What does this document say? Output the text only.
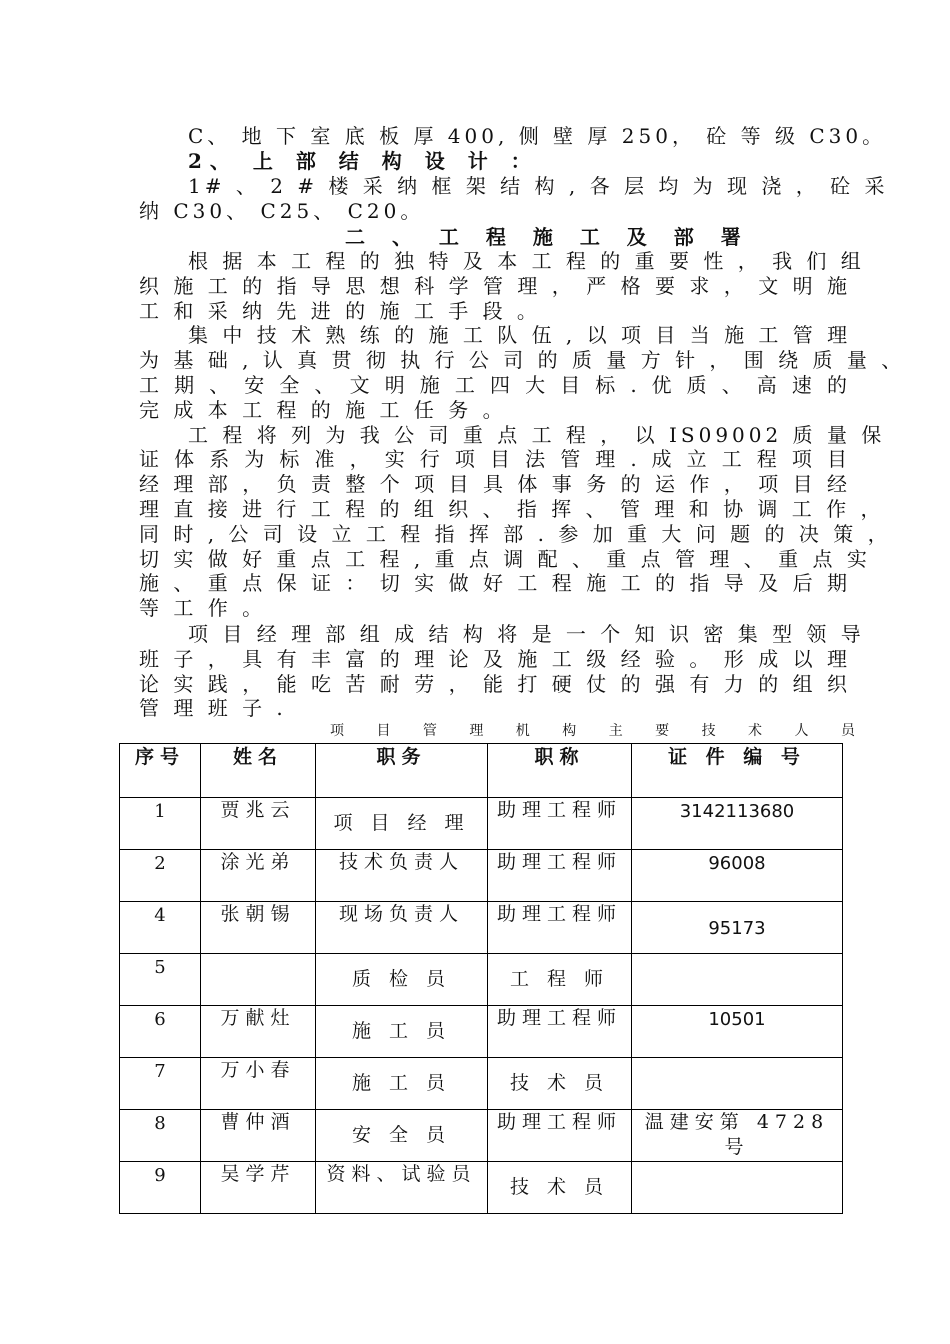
C、 地 下 室 底 板 厚 400, 侧 壁 厚 250， 砼 等 级 C30。

2、 上 部 结 构 设 计 ：

1# 、 2 # 楼 采 纳 框 架 结 构 , 各 层 均 为 现 浇 ， 砼 采

纳 C30、 C25、 C20。

二 、 工 程 施 工 及 部 署

根 据 本 工 程 的 独 特 及 本 工 程 的 重 要 性 ， 我 们 组

织 施 工 的 指 导 思 想 科 学 管 理 ， 严 格 要 求 ， 文 明 施

工 和 采 纳 先 进 的 施 工 手 段 。

集 中 技 术 熟 练 的 施 工 队 伍 , 以 项 目 当 施 工 管 理

为 基 础 , 认 真 贯 彻 执 行 公 司 的 质 量 方 针 ， 围 绕 质 量 、

工 期 、 安 全 、 文 明 施 工 四 大 目 标 . 优 质 、 高 速 的

完 成 本 工 程 的 施 工 任 务 。

工 程 将 列 为 我 公 司 重 点 工 程 ， 以 IS09002 质 量 保

证 体 系 为 标 准 ， 实 行 项 目 法 管 理 . 成 立 工 程 项 目

经 理 部 ， 负 责 整 个 项 目 具 体 事 务 的 运 作 ， 项 目 经

理 直 接 进 行 工 程 的 组 织 、 指 挥 、 管 理 和 协 调 工 作 ，

同 时 , 公 司 设 立 工 程 指 挥 部 . 参 加 重 大 问 题 的 决 策 ，

切 实 做 好 重 点 工 程 , 重 点 调 配 、 重 点 管 理 、 重 点 实

施 、 重 点 保 证 ： 切 实 做 好 工 程 施 工 的 指 导 及 后 期

等 工 作 。

项 目 经 理 部 组 成 结 构 将 是 一 个 知 识 密 集 型 领 导

班 子 ， 具 有 丰 富 的 理 论 及 施 工 级 经 验 。 形 成 以 理

论 实 践 ， 能 吃 苦 耐 劳 ， 能 打 硬 仗 的 强 有 力 的 组 织

管 理 班 子 .

项 目 管 理 机 构 主 要 技 术 人 员

序号	姓名	职务	职称	证 件 编 号
1	贾兆云	项 目 经 理	助理工程师	3142113680
2	涂光弟	技术负责人	助理工程师	96008
4	张朝锡	现场负责人	助理工程师	95173
5		质 检 员	工 程 师	
6	万献灶	施 工 员	助理工程师	10501
7	万小春	施 工 员	技 术 员	
8	曹仲酒	安 全 员	助理工程师	温建安第 4728 号
9	吴学芹	资料、试验员	技 术 员	
